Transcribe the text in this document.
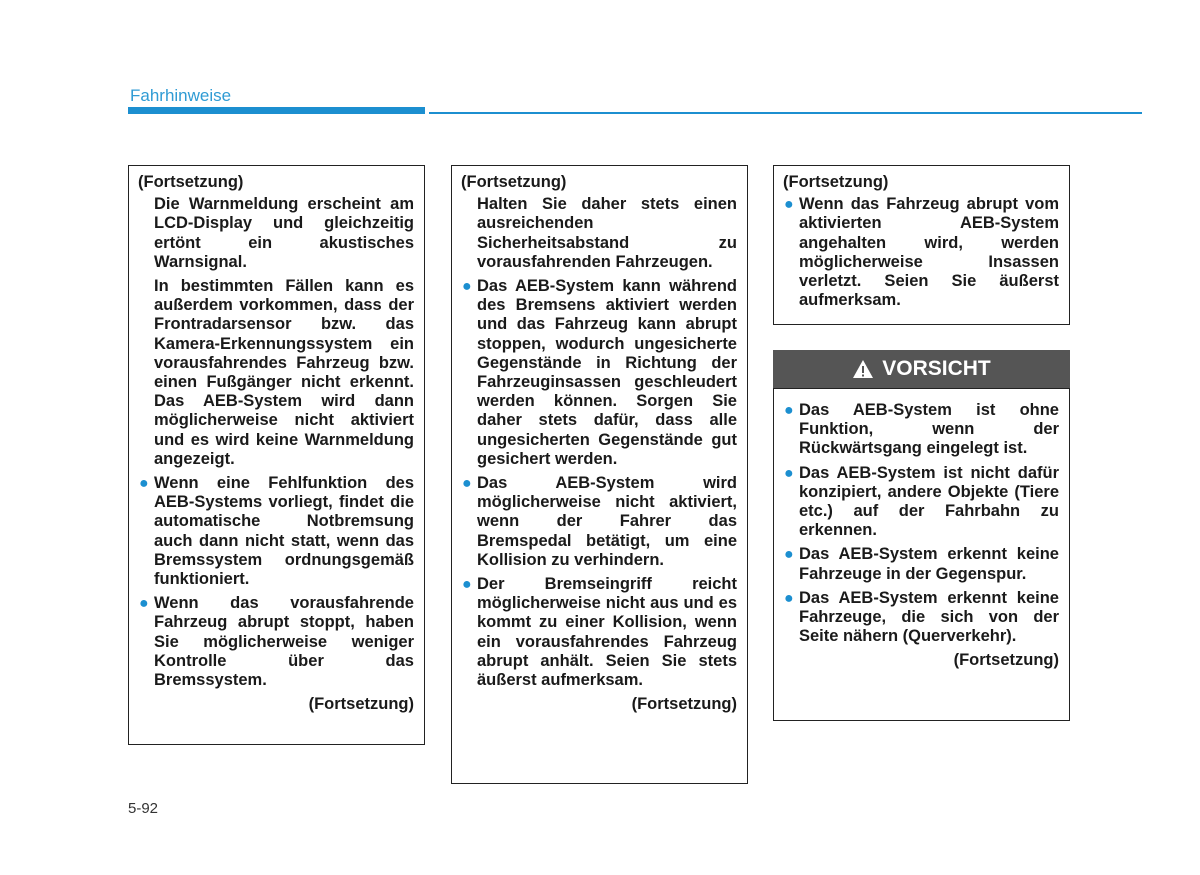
Fahrhinweise
(Fortsetzung)
Die Warnmeldung erscheint am LCD-Display und gleichzeitig ertönt ein akustisches Warnsignal.
In bestimmten Fällen kann es außerdem vorkommen, dass der Frontradarsensor bzw. das Kamera-Erkennungssystem ein vorausfahrendes Fahrzeug bzw. einen Fußgänger nicht erkennt. Das AEB-System wird dann möglicherweise nicht aktiviert und es wird keine Warnmeldung angezeigt.
● Wenn eine Fehlfunktion des AEB-Systems vorliegt, findet die automatische Notbremsung auch dann nicht statt, wenn das Bremssystem ordnungsgemäß funktioniert.
● Wenn das vorausfahrende Fahrzeug abrupt stoppt, haben Sie möglicherweise weniger Kontrolle über das Bremssystem.
(Fortsetzung)
(Fortsetzung)
Halten Sie daher stets einen ausreichenden Sicherheitsabstand zu vorausfahrenden Fahrzeugen.
● Das AEB-System kann während des Bremsens aktiviert werden und das Fahrzeug kann abrupt stoppen, wodurch ungesicherte Gegenstände in Richtung der Fahrzeuginsassen geschleudert werden können. Sorgen Sie daher stets dafür, dass alle ungesicherten Gegenstände gut gesichert werden.
● Das AEB-System wird möglicherweise nicht aktiviert, wenn der Fahrer das Bremspedal betätigt, um eine Kollision zu verhindern.
● Der Bremseingriff reicht möglicherweise nicht aus und es kommt zu einer Kollision, wenn ein vorausfahrendes Fahrzeug abrupt anhält. Seien Sie stets äußerst aufmerksam.
(Fortsetzung)
(Fortsetzung)
● Wenn das Fahrzeug abrupt vom aktivierten AEB-System angehalten wird, werden möglicherweise Insassen verletzt. Seien Sie äußerst aufmerksam.
VORSICHT
● Das AEB-System ist ohne Funktion, wenn der Rückwärtsgang eingelegt ist.
● Das AEB-System ist nicht dafür konzipiert, andere Objekte (Tiere etc.) auf der Fahrbahn zu erkennen.
● Das AEB-System erkennt keine Fahrzeuge in der Gegenspur.
● Das AEB-System erkennt keine Fahrzeuge, die sich von der Seite nähern (Querverkehr).
(Fortsetzung)
5-92
